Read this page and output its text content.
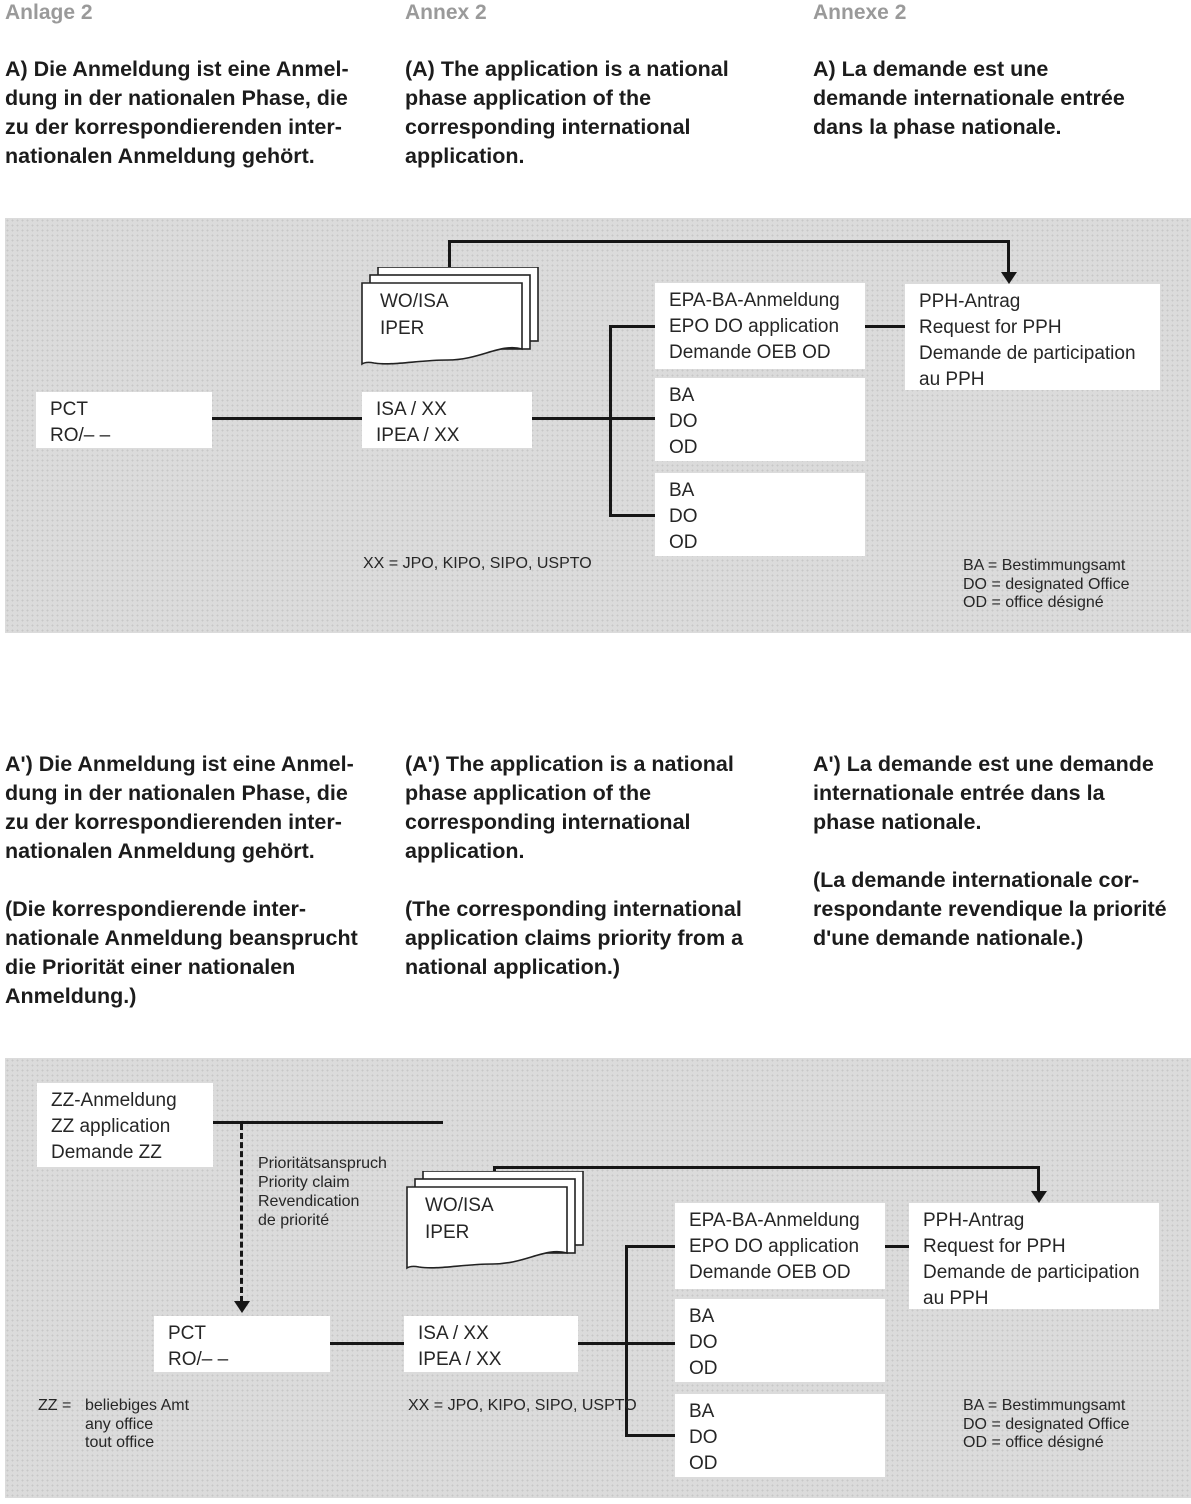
Anlage 2
A) Die Anmeldung ist eine Anmel-
dung in der nationalen Phase, die
zu der korrespondierenden inter-
nationalen Anmeldung gehört.
Annex 2
(A) The application is a national
phase application of the
corresponding international
application.
Annexe 2
A) La demande est une
demande internationale entrée
dans la phase nationale.
WO/ISA
IPER
PCT
RO/– –
ISA / XX
IPEA / XX
EPA-BA-Anmeldung
EPO DO application
Demande OEB OD
PPH-Antrag
Request for PPH
Demande de participation
au PPH
BA
DO
OD
BA
DO
OD
XX = JPO, KIPO, SIPO, USPTO	BA = Bestimmungsamt
DO = designated Office
OD = office désigné
A') Die Anmeldung ist eine Anmel-
dung in der nationalen Phase, die
zu der korrespondierenden inter-
nationalen Anmeldung gehört.

(Die korrespondierende inter-
nationale Anmeldung beansprucht
die Priorität einer nationalen
Anmeldung.)
(A') The application is a national
phase application of the
corresponding international
application.

(The corresponding international
application claims priority from a
national application.)
A') La demande est une demande
internationale entrée dans la
phase nationale.

(La demande internationale cor-
respondante revendique la priorité
d'une demande nationale.)
WO/ISA
IPER
ZZ-Anmeldung
ZZ application
Demande ZZ
Prioritätsanspruch
Priority claim
Revendication
de priorité
PCT
RO/– –
ISA / XX
IPEA / XX
EPA-BA-Anmeldung
EPO DO application
Demande OEB OD
PPH-Antrag
Request for PPH
Demande de participation
au PPH
BA
DO
OD
BA
DO
OD
ZZ = beliebiges Amt
any office
tout office
XX = JPO, KIPO, SIPO, USPTO	BA = Bestimmungsamt
DO = designated Office
OD = office désigné
